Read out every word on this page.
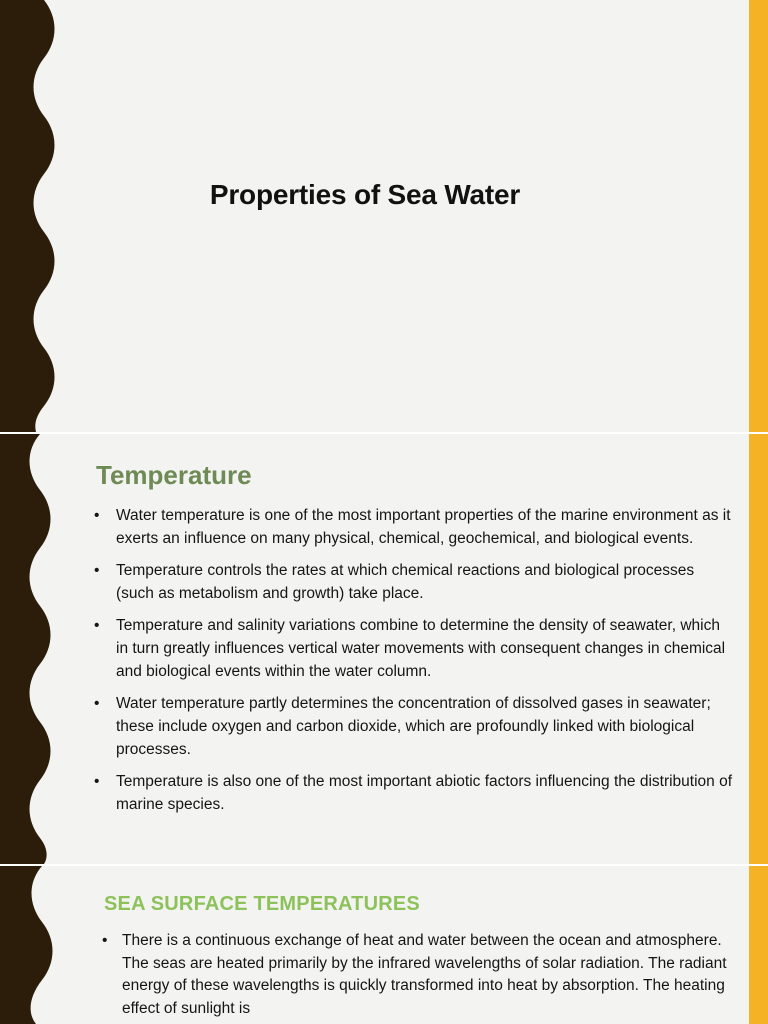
Properties of Sea Water
Temperature
• Water temperature is one of the most important properties of the marine environment as it exerts an influence on many physical, chemical, geochemical, and biological events.
• Temperature controls the rates at which chemical reactions and biological processes (such as metabolism and growth) take place.
• Temperature and salinity variations combine to determine the density of seawater, which in turn greatly influences vertical water movements with consequent changes in chemical and biological events within the water column.
• Water temperature partly determines the concentration of dissolved gases in seawater; these include oxygen and carbon dioxide, which are profoundly linked with biological processes.
• Temperature is also one of the most important abiotic factors influencing the distribution of marine species.
SEA SURFACE TEMPERATURES
• There is a continuous exchange of heat and water between the ocean and atmosphere. The seas are heated primarily by the infrared wavelengths of solar radiation. The radiant energy of these wavelengths is quickly transformed into heat by absorption. The heating effect of sunlight is
